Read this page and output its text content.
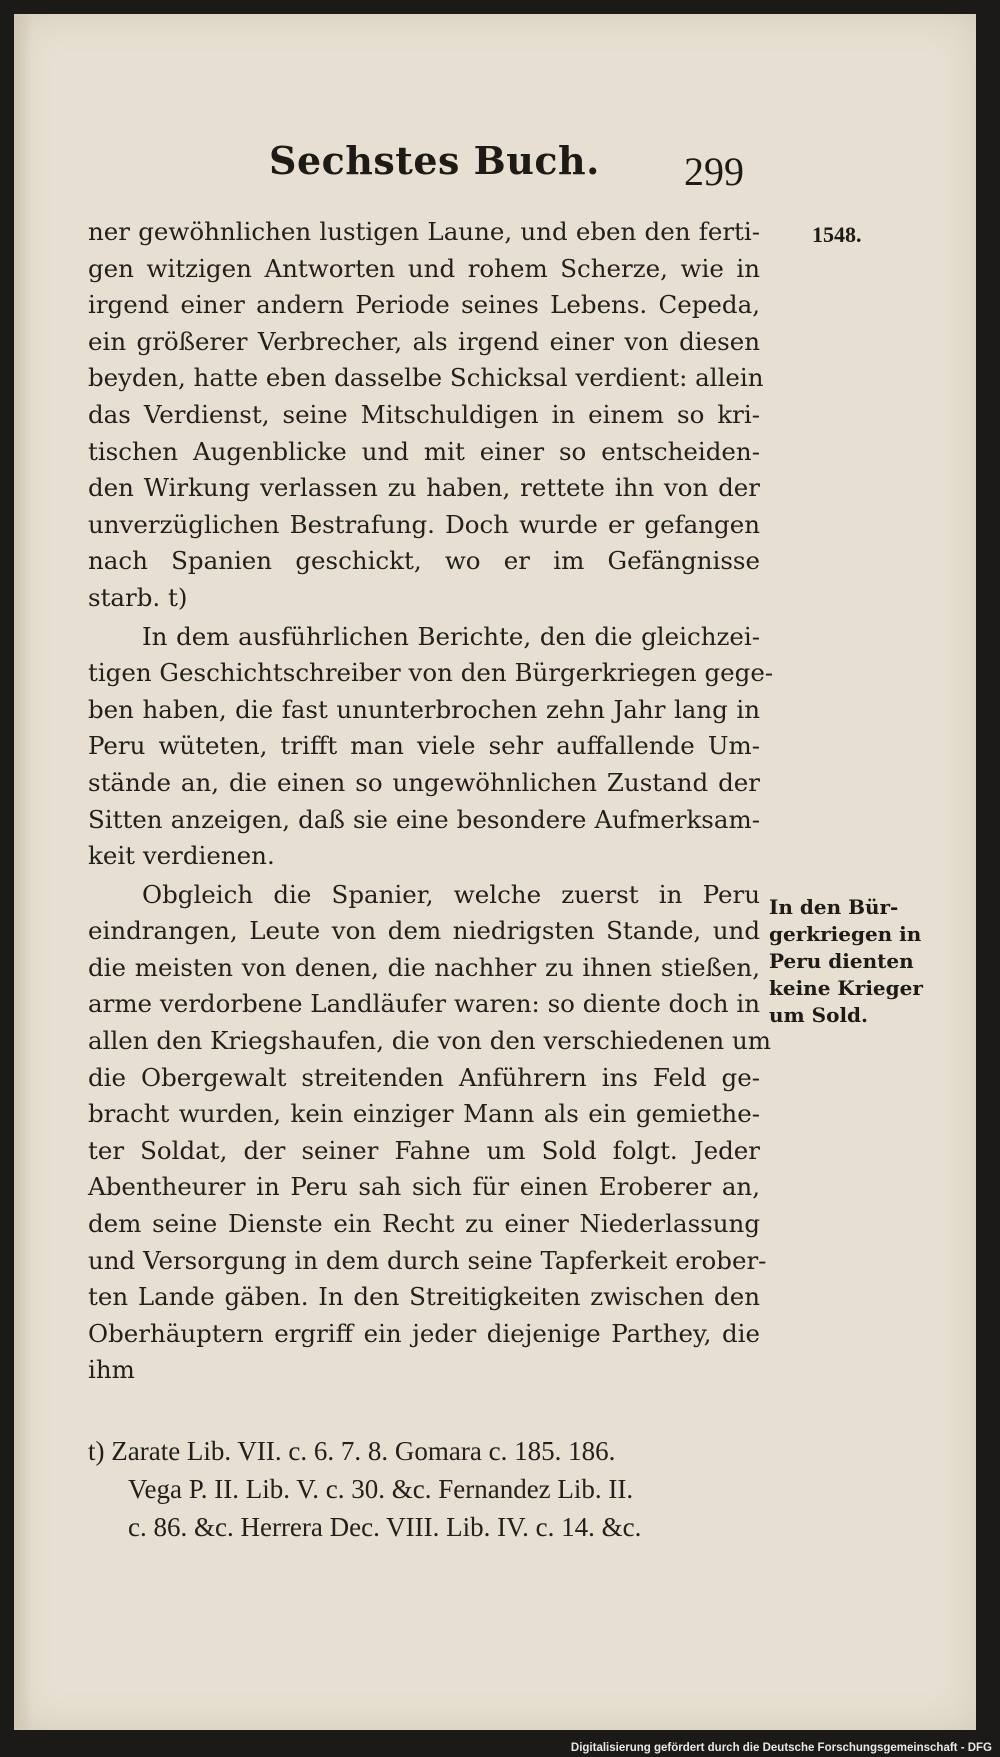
Sechstes Buch. 299
1548.
ner gewöhnlichen lustigen Laune, und eben den ferti-
gen witzigen Antworten und rohem Scherze, wie in
irgend einer andern Periode seines Lebens. Cepeda,
ein größerer Verbrecher, als irgend einer von diesen
beyden, hatte eben dasselbe Schicksal verdient: allein
das Verdienst, seine Mitschuldigen in einem so kri-
tischen Augenblicke und mit einer so entscheiden-
den Wirkung verlassen zu haben, rettete ihn von der
unverzüglichen Bestrafung. Doch wurde er gefangen
nach Spanien geschickt, wo er im Gefängnisse
starb. t)
In dem ausführlichen Berichte, den die gleichzei-
tigen Geschichtschreiber von den Bürgerkriegen gege-
ben haben, die fast ununterbrochen zehn Jahr lang in
Peru wüteten, trifft man viele sehr auffallende Um-
stände an, die einen so ungewöhnlichen Zustand der
Sitten anzeigen, daß sie eine besondere Aufmerksam-
keit verdienen.
Obgleich die Spanier, welche zuerst in Peru
eindrangen, Leute von dem niedrigsten Stande, und
die meisten von denen, die nachher zu ihnen stießen,
arme verdorbene Landläufer waren: so diente doch in
allen den Kriegshaufen, die von den verschiedenen um
die Obergewalt streitenden Anführern ins Feld ge-
bracht wurden, kein einziger Mann als ein gemiethe-
ter Soldat, der seiner Fahne um Sold folgt. Jeder
Abentheurer in Peru sah sich für einen Eroberer an,
dem seine Dienste ein Recht zu einer Niederlassung
und Versorgung in dem durch seine Tapferkeit erober-
ten Lande gäben. In den Streitigkeiten zwischen den
Oberhäuptern ergriff ein jeder diejenige Parthey, die
ihm
In den Bür-
gerkriegen in
Peru dienten
keine Krieger
um Sold.
t) Zarate Lib. VII. c. 6. 7. 8. Gomara c. 185. 186.
Vega P. II. Lib. V. c. 30. &c. Fernandez Lib. II.
c. 86. &c. Herrera Dec. VIII. Lib. IV. c. 14. &c.
Digitalisierung gefördert durch die Deutsche Forschungsgemeinschaft - DFG
